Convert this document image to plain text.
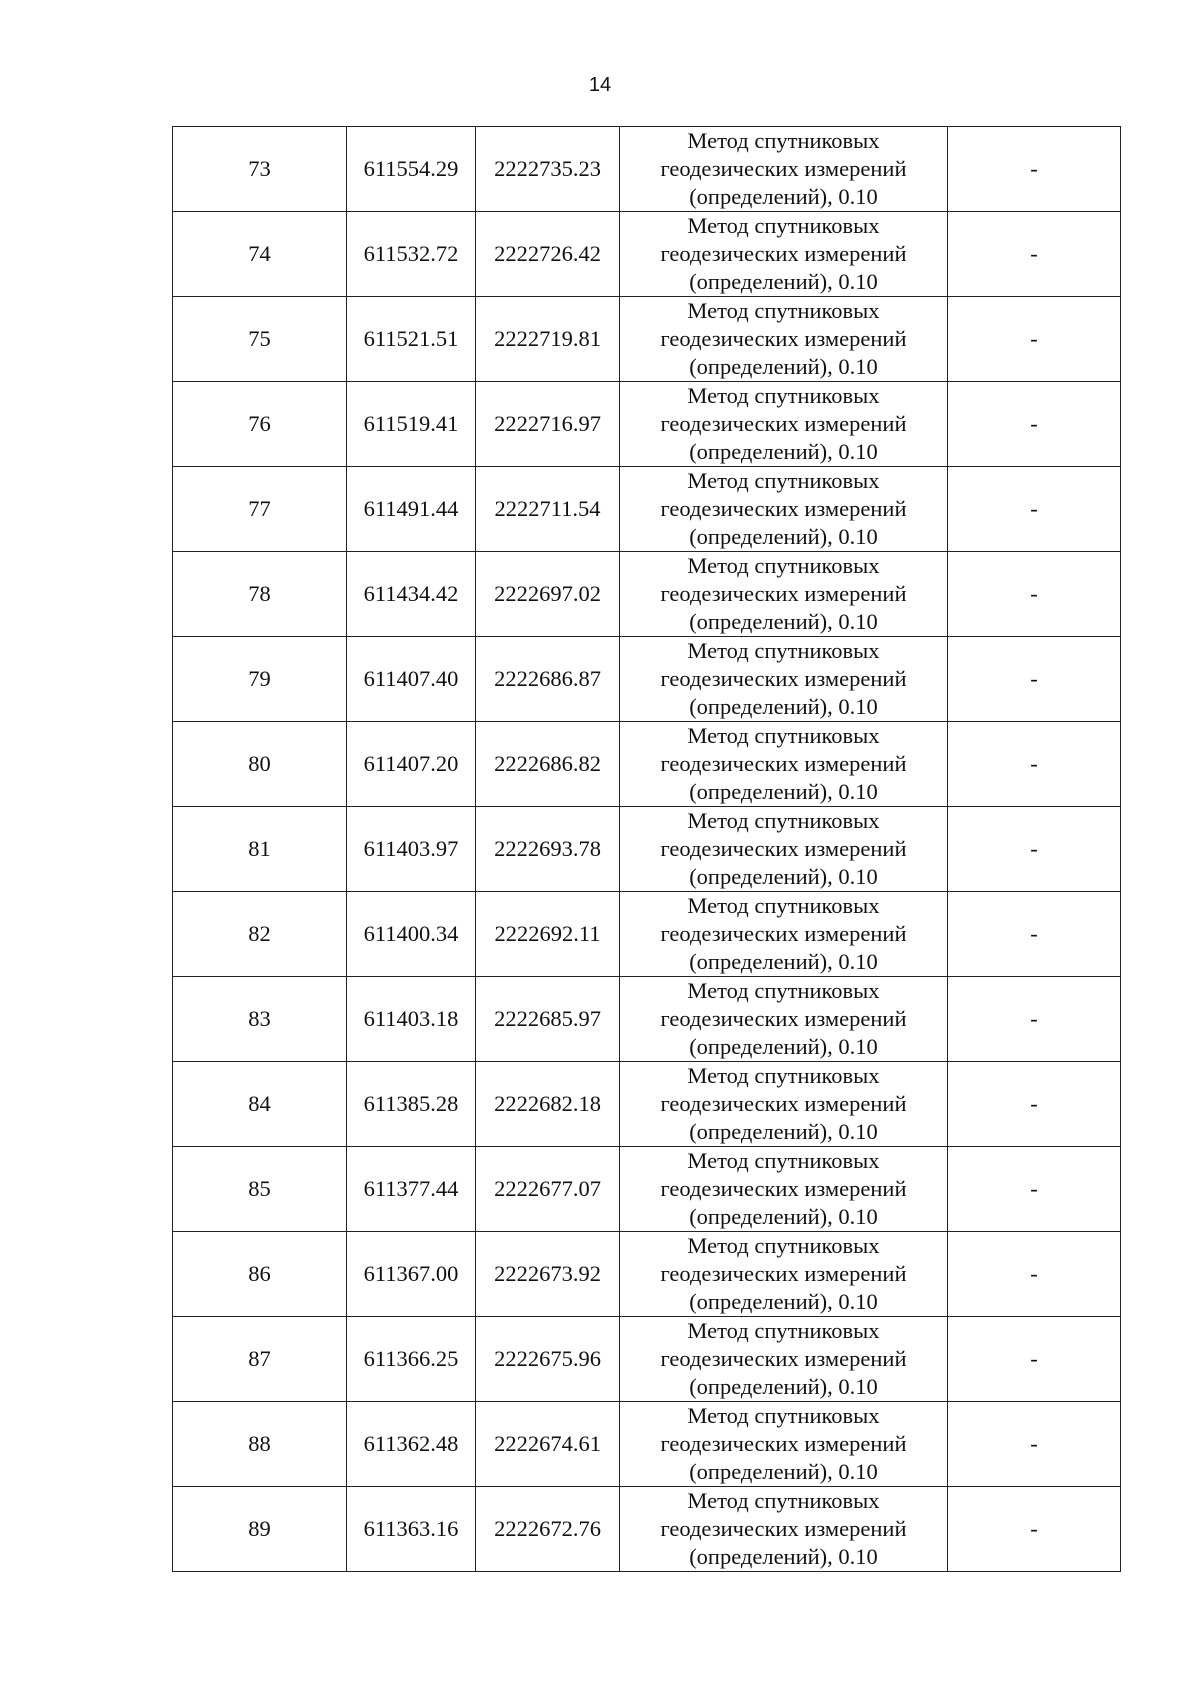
14
73	611554.29	2222735.23	Метод спутниковых
геодезических измерений
(определений), 0.10	-
74	611532.72	2222726.42	Метод спутниковых
геодезических измерений
(определений), 0.10	-
75	611521.51	2222719.81	Метод спутниковых
геодезических измерений
(определений), 0.10	-
76	611519.41	2222716.97	Метод спутниковых
геодезических измерений
(определений), 0.10	-
77	611491.44	2222711.54	Метод спутниковых
геодезических измерений
(определений), 0.10	-
78	611434.42	2222697.02	Метод спутниковых
геодезических измерений
(определений), 0.10	-
79	611407.40	2222686.87	Метод спутниковых
геодезических измерений
(определений), 0.10	-
80	611407.20	2222686.82	Метод спутниковых
геодезических измерений
(определений), 0.10	-
81	611403.97	2222693.78	Метод спутниковых
геодезических измерений
(определений), 0.10	-
82	611400.34	2222692.11	Метод спутниковых
геодезических измерений
(определений), 0.10	-
83	611403.18	2222685.97	Метод спутниковых
геодезических измерений
(определений), 0.10	-
84	611385.28	2222682.18	Метод спутниковых
геодезических измерений
(определений), 0.10	-
85	611377.44	2222677.07	Метод спутниковых
геодезических измерений
(определений), 0.10	-
86	611367.00	2222673.92	Метод спутниковых
геодезических измерений
(определений), 0.10	-
87	611366.25	2222675.96	Метод спутниковых
геодезических измерений
(определений), 0.10	-
88	611362.48	2222674.61	Метод спутниковых
геодезических измерений
(определений), 0.10	-
89	611363.16	2222672.76	Метод спутниковых
геодезических измерений
(определений), 0.10	-
